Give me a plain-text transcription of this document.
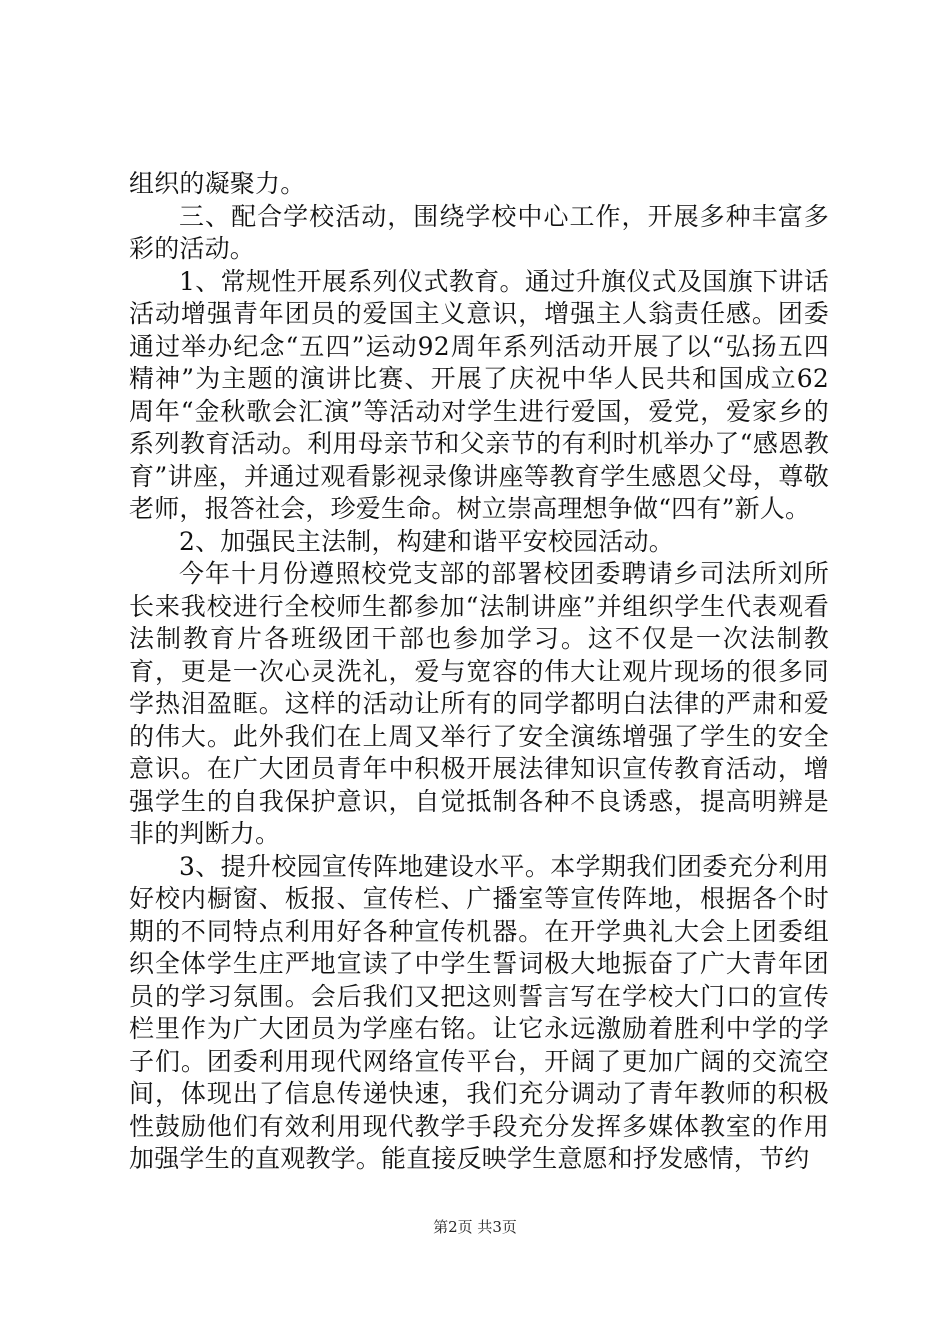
组织的凝聚力。

三、配合学校活动，围绕学校中心工作，开展多种丰富多彩的活动。

1、常规性开展系列仪式教育。通过升旗仪式及国旗下讲话活动增强青年团员的爱国主义意识，增强主人翁责任感。团委通过举办纪念“五四”运动92周年系列活动开展了以“弘扬五四精神”为主题的演讲比赛、开展了庆祝中华人民共和国成立62周年“金秋歌会汇演”等活动对学生进行爱国，爱党，爱家乡的系列教育活动。利用母亲节和父亲节的有利时机举办了“感恩教育”讲座，并通过观看影视录像讲座等教育学生感恩父母，尊敬老师，报答社会，珍爱生命。树立崇高理想争做“四有”新人。

2、加强民主法制，构建和谐平安校园活动。

今年十月份遵照校党支部的部署校团委聘请乡司法所刘所长来我校进行全校师生都参加“法制讲座”并组织学生代表观看法制教育片各班级团干部也参加学习。这不仅是一次法制教育，更是一次心灵洗礼，爱与宽容的伟大让观片现场的很多同学热泪盈眶。这样的活动让所有的同学都明白法律的严肃和爱的伟大。此外我们在上周又举行了安全演练增强了学生的安全意识。在广大团员青年中积极开展法律知识宣传教育活动，增强学生的自我保护意识，自觉抵制各种不良诱惑，提高明辨是非的判断力。

3、提升校园宣传阵地建设水平。本学期我们团委充分利用好校内橱窗、板报、宣传栏、广播室等宣传阵地，根据各个时期的不同特点利用好各种宣传机器。在开学典礼大会上团委组织全体学生庄严地宣读了中学生誓词极大地振奋了广大青年团员的学习氛围。会后我们又把这则誓言写在学校大门口的宣传栏里作为广大团员为学座右铭。让它永远激励着胜利中学的学子们。团委利用现代网络宣传平台，开阔了更加广阔的交流空间，体现出了信息传递快速，我们充分调动了青年教师的积极性鼓励他们有效利用现代教学手段充分发挥多媒体教室的作用加强学生的直观教学。能直接反映学生意愿和抒发感情，节约

第2页 共3页
